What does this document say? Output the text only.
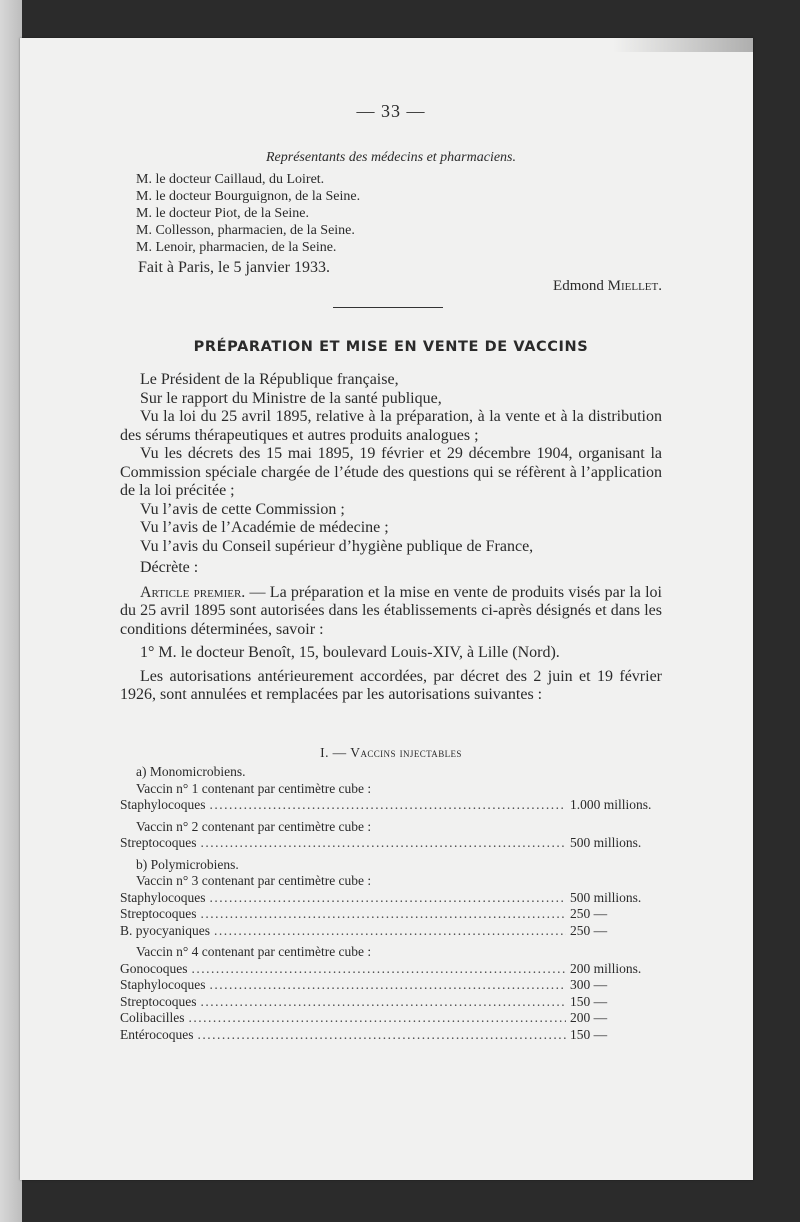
— 33 —
Représentants des médecins et pharmaciens.
M. le docteur Caillaud, du Loiret.
M. le docteur Bourguignon, de la Seine.
M. le docteur Piot, de la Seine.
M. Collesson, pharmacien, de la Seine.
M. Lenoir, pharmacien, de la Seine.
Fait à Paris, le 5 janvier 1933.
Edmond Miellet.
PRÉPARATION ET MISE EN VENTE DE VACCINS

Le Président de la République française,

Sur le rapport du Ministre de la santé publique,

Vu la loi du 25 avril 1895, relative à la préparation, à la vente et à la distribution des sérums thérapeutiques et autres produits analogues ;

Vu les décrets des 15 mai 1895, 19 février et 29 décembre 1904, organisant la Commission spéciale chargée de l’étude des questions qui se réfèrent à l’application de la loi précitée ;

Vu l’avis de cette Commission ;

Vu l’avis de l’Académie de médecine ;

Vu l’avis du Conseil supérieur d’hygiène publique de France,

Décrète :

Article premier. — La préparation et la mise en vente de produits visés par la loi du 25 avril 1895 sont autorisées dans les établissements ci-après désignés et dans les conditions déterminées, savoir :

1° M. le docteur Benoît, 15, boulevard Louis-XIV, à Lille (Nord).

Les autorisations antérieurement accordées, par décret des 2 juin et 19 février 1926, sont annulées et remplacées par les autorisations suivantes :

I. — Vaccins injectables
a) Monomicrobiens.
Vaccin n° 1 contenant par centimètre cube :
Staphylocoques .....	1.000 millions.
Vaccin n° 2 contenant par centimètre cube :
Streptocoques .....	500 millions.
b) Polymicrobiens.
Vaccin n° 3 contenant par centimètre cube :
Staphylocoques .....	500 millions.
Streptocoques .....	250 —
B. pyocyaniques .....	250 —
Vaccin n° 4 contenant par centimètre cube :
Gonocoques .....	200 millions.
Staphylocoques .....	300 —
Streptocoques .....	150 —
Colibacilles .....	200 —
Entérocoques .....	150 —
